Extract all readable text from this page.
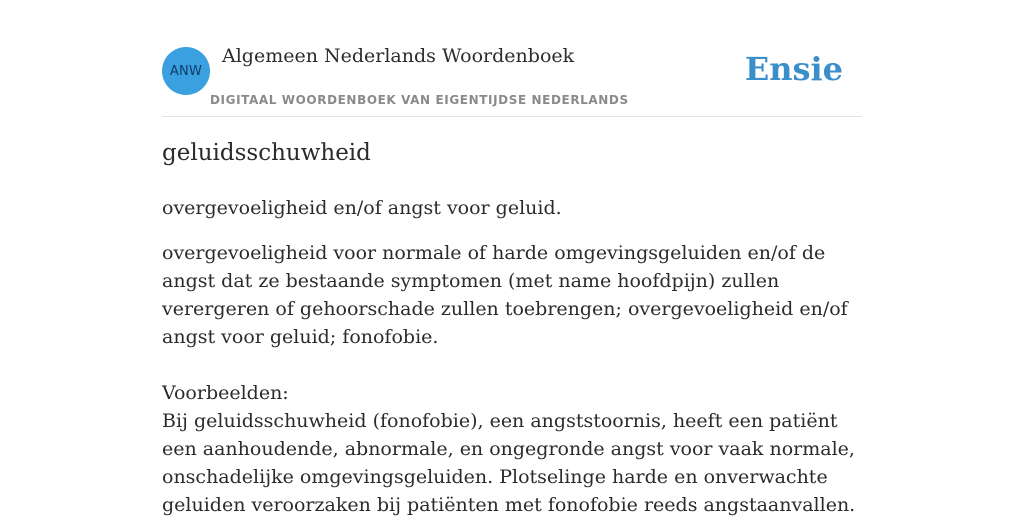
ANW
Algemeen Nederlands Woordenboek
DIGITAAL WOORDENBOEK VAN EIGENTIJDSE NEDERLANDS
Ensie
geluidsschuwheid

overgevoeligheid en/of angst voor geluid.

overgevoeligheid voor normale of harde omgevingsgeluiden en/of de angst dat ze bestaande symptomen (met name hoofdpijn) zullen verergeren of gehoorschade zullen toebrengen; overgevoeligheid en/of angst voor geluid; fonofobie.

Voorbeelden:

Bij geluidsschuwheid (fonofobie), een angststoornis, heeft een patiënt een aanhoudende, abnormale, en ongegronde angst voor vaak normale, onschadelijke omgevingsgeluiden. Plotselinge harde en onverwachte geluiden veroorzaken bij patiënten met fonofobie reeds angstaanvallen.
